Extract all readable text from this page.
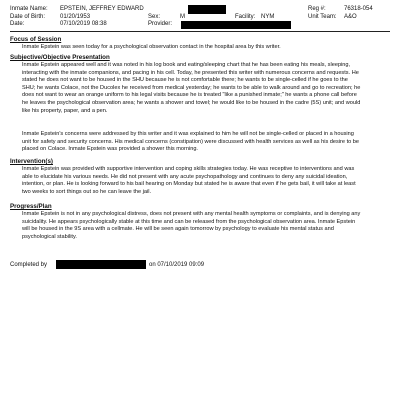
Inmate Name: EPSTEIN, JEFFREY EDWARD
Date of Birth: 01/20/1953
Date:	07/10/2019 08:38
Sex:	M
Provider:
Facility: NYM
Reg #:	76318-054
Unit Team: A&O
Focus of Session

Inmate Epstein was seen today for a psychological observation contact in the hospital area by this writer.

Subjective/Objective Presentation

Inmate Epstein appeared well and it was noted in his log book and eating/sleeping chart that he has been eating his meals, sleeping, interacting with the inmate companions, and pacing in his cell. Today, he presented this writer with numerous concerns and requests. He stated he does not want to be housed in the SHU because he is not comfortable there; he wants to be single-celled if he goes to the SHU; he wants Colace, not the Ducolex he received from medical yesterday; he wants to be able to walk around and go to recreation; he does not want to wear an orange uniform to his legal visits because he is treated "like a punished inmate;" he wants a phone call before he leaves the psychological observation area; he wants a shower and towel; he would like to be housed in the cadre (5S) unit; and would like his property, paper, and a pen.

Inmate Epstein's concerns were addressed by this writer and it was explained to him he will not be single-celled or placed in a housing unit for safety and security concerns. His medical concerns (constipation) were discussed with health services as well as his desire to be placed on Colace. Inmate Epstein was provided a shower this morning.

Intervention(s)

Inmate Epstein was provided with supportive intervention and coping skills strategies today. He was receptive to interventions and was able to elucidate his various needs. He did not present with any acute psychopathology and continues to deny any suicidal ideation, intention, or plan. He is looking forward to his bail hearing on Monday but stated he is aware that even if he gets bail, it will take at least two weeks to sort things out so he can leave the jail.

Progress/Plan

Inmate Epstein is not in any psychological distress, does not present with any mental health symptoms or complaints, and is denying any suicidality. He appears psychologically stable at this time and can be released from the psychological observation area. Inmate Epstein will be housed in the 9S area with a cellmate. He will be seen again tomorrow by psychology to evaluate his mental status and psychological stability.

Completed by	on 07/10/2019 09:09
